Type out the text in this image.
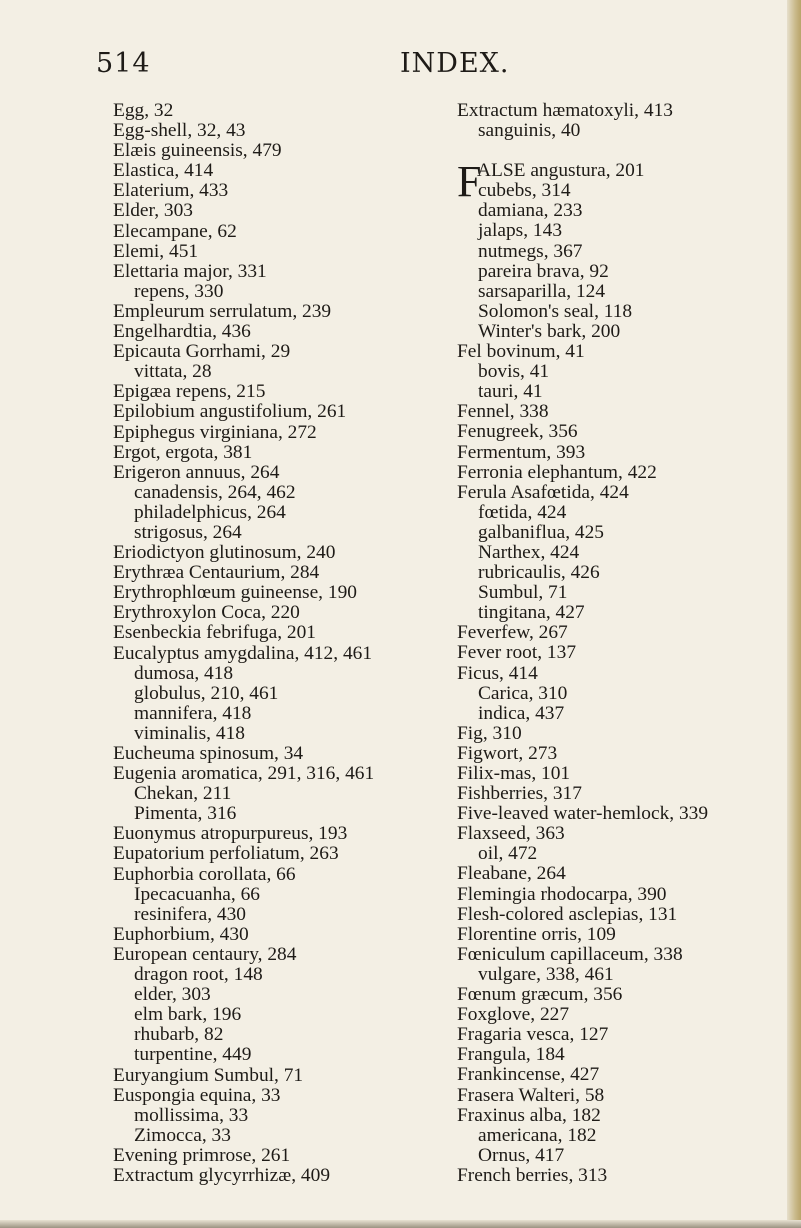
514	INDEX.
Egg, 32
Egg-shell, 32, 43
Elæis guineensis, 479
Elastica, 414
Elaterium, 433
Elder, 303
Elecampane, 62
Elemi, 451
Elettaria major, 331
repens, 330
Empleurum serrulatum, 239
Engelhardtia, 436
Epicauta Gorrhami, 29
vittata, 28
Epigæa repens, 215
Epilobium angustifolium, 261
Epiphegus virginiana, 272
Ergot, ergota, 381
Erigeron annuus, 264
canadensis, 264, 462
philadelphicus, 264
strigosus, 264
Eriodictyon glutinosum, 240
Erythræa Centaurium, 284
Erythrophlœum guineense, 190
Erythroxylon Coca, 220
Esenbeckia febrifuga, 201
Eucalyptus amygdalina, 412, 461
dumosa, 418
globulus, 210, 461
mannifera, 418
viminalis, 418
Eucheuma spinosum, 34
Eugenia aromatica, 291, 316, 461
Chekan, 211
Pimenta, 316
Euonymus atropurpureus, 193
Eupatorium perfoliatum, 263
Euphorbia corollata, 66
Ipecacuanha, 66
resinifera, 430
Euphorbium, 430
European centaury, 284
dragon root, 148
elder, 303
elm bark, 196
rhubarb, 82
turpentine, 449
Euryangium Sumbul, 71
Euspongia equina, 33
mollissima, 33
Zimocca, 33
Evening primrose, 261
Extractum glycyrrhizæ, 409
Extractum hæmatoxyli, 413
sanguinis, 40
F
ALSE angustura, 201
cubebs, 314
damiana, 233
jalaps, 143
nutmegs, 367
pareira brava, 92
sarsaparilla, 124
Solomon's seal, 118
Winter's bark, 200
Fel bovinum, 41
bovis, 41
tauri, 41
Fennel, 338
Fenugreek, 356
Fermentum, 393
Ferronia elephantum, 422
Ferula Asafœtida, 424
fœtida, 424
galbaniflua, 425
Narthex, 424
rubricaulis, 426
Sumbul, 71
tingitana, 427
Feverfew, 267
Fever root, 137
Ficus, 414
Carica, 310
indica, 437
Fig, 310
Figwort, 273
Filix-mas, 101
Fishberries, 317
Five-leaved water-hemlock, 339
Flaxseed, 363
oil, 472
Fleabane, 264
Flemingia rhodocarpa, 390
Flesh-colored asclepias, 131
Florentine orris, 109
Fœniculum capillaceum, 338
vulgare, 338, 461
Fœnum græcum, 356
Foxglove, 227
Fragaria vesca, 127
Frangula, 184
Frankincense, 427
Frasera Walteri, 58
Fraxinus alba, 182
americana, 182
Ornus, 417
French berries, 313
